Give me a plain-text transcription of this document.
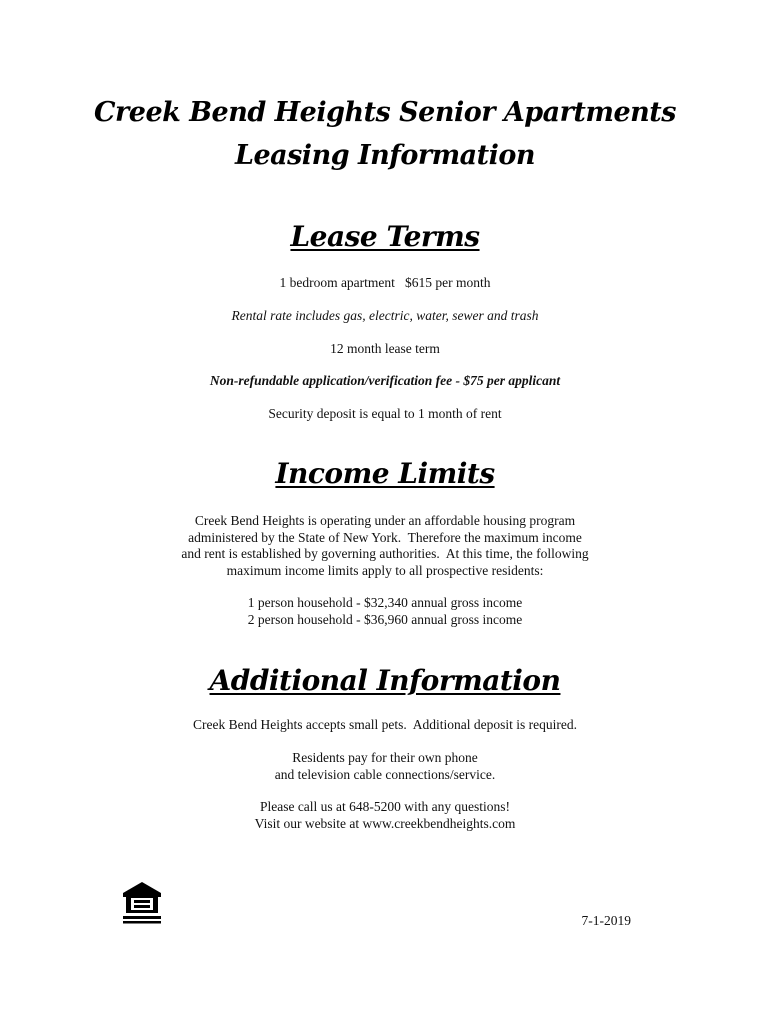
Creek Bend Heights Senior Apartments
Leasing Information
Lease Terms
1 bedroom apartment   $615 per month
Rental rate includes gas, electric, water, sewer and trash
12 month lease term
Non-refundable application/verification fee - $75 per applicant
Security deposit is equal to 1 month of rent
Income Limits
Creek Bend Heights is operating under an affordable housing program
administered by the State of New York.  Therefore the maximum income
and rent is established by governing authorities.  At this time, the following
maximum income limits apply to all prospective residents:
1 person household - $32,340 annual gross income
2 person household - $36,960 annual gross income
Additional Information
Creek Bend Heights accepts small pets.  Additional deposit is required.
Residents pay for their own phone
and television cable connections/service.
Please call us at 648-5200 with any questions!
Visit our website at www.creekbendheights.com
7-1-2019
